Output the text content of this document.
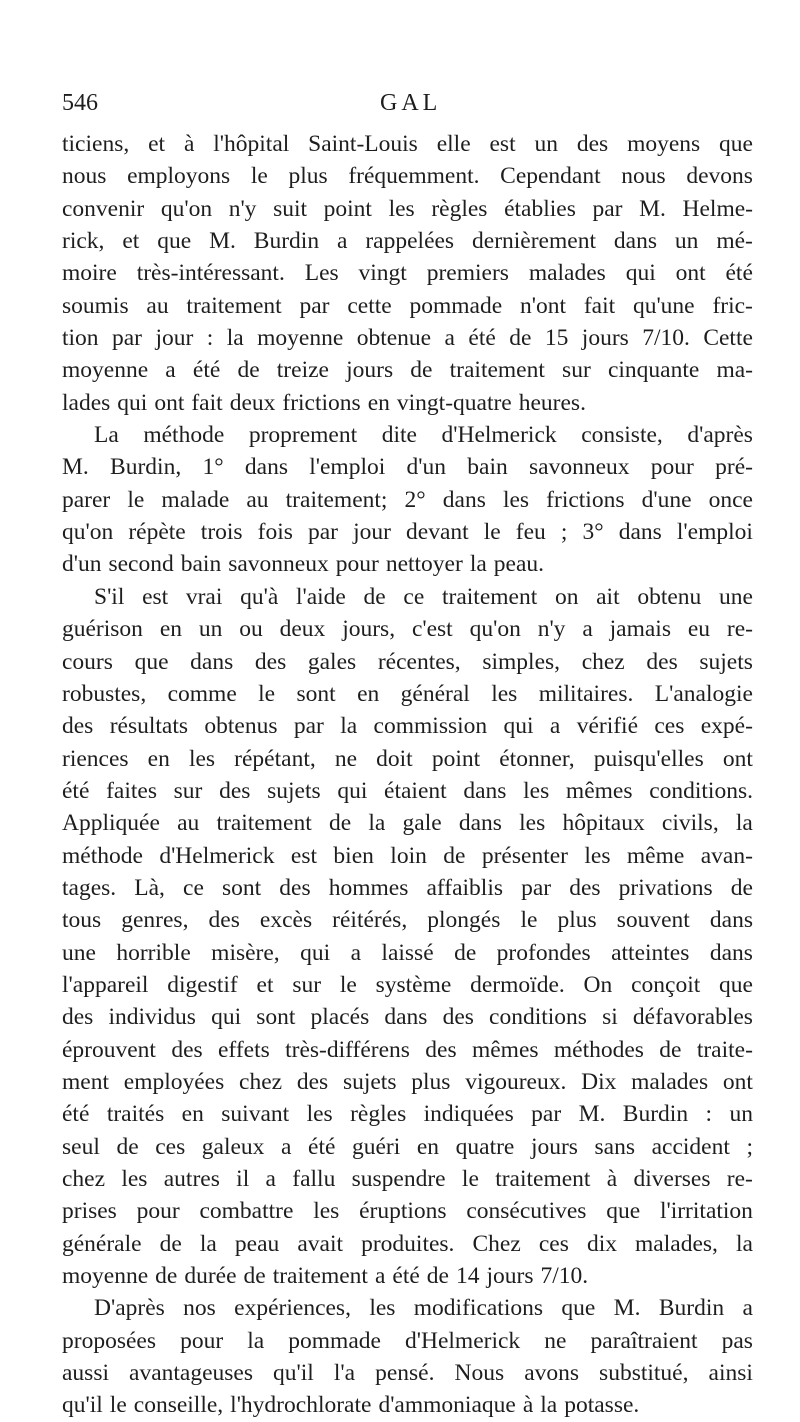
546	GAL
ticiens, et à l'hôpital Saint-Louis elle est un des moyens que
nous employons le plus fréquemment. Cependant nous devons
convenir qu'on n'y suit point les règles établies par M. Helme-
rick, et que M. Burdin a rappelées dernièrement dans un mé-
moire très-intéressant. Les vingt premiers malades qui ont été
soumis au traitement par cette pommade n'ont fait qu'une fric-
tion par jour : la moyenne obtenue a été de 15 jours 7/10. Cette
moyenne a été de treize jours de traitement sur cinquante ma-
lades qui ont fait deux frictions en vingt-quatre heures.
La méthode proprement dite d'Helmerick consiste, d'après
M. Burdin, 1° dans l'emploi d'un bain savonneux pour pré-
parer le malade au traitement; 2° dans les frictions d'une once
qu'on répète trois fois par jour devant le feu ; 3° dans l'emploi
d'un second bain savonneux pour nettoyer la peau.
S'il est vrai qu'à l'aide de ce traitement on ait obtenu une
guérison en un ou deux jours, c'est qu'on n'y a jamais eu re-
cours que dans des gales récentes, simples, chez des sujets
robustes, comme le sont en général les militaires. L'analogie
des résultats obtenus par la commission qui a vérifié ces expé-
riences en les répétant, ne doit point étonner, puisqu'elles ont
été faites sur des sujets qui étaient dans les mêmes conditions.
Appliquée au traitement de la gale dans les hôpitaux civils, la
méthode d'Helmerick est bien loin de présenter les même avan-
tages. Là, ce sont des hommes affaiblis par des privations de
tous genres, des excès réitérés, plongés le plus souvent dans
une horrible misère, qui a laissé de profondes atteintes dans
l'appareil digestif et sur le système dermoïde. On conçoit que
des individus qui sont placés dans des conditions si défavorables
éprouvent des effets très-différens des mêmes méthodes de traite-
ment employées chez des sujets plus vigoureux. Dix malades ont
été traités en suivant les règles indiquées par M. Burdin : un
seul de ces galeux a été guéri en quatre jours sans accident ;
chez les autres il a fallu suspendre le traitement à diverses re-
prises pour combattre les éruptions consécutives que l'irritation
générale de la peau avait produites. Chez ces dix malades, la
moyenne de durée de traitement a été de 14 jours 7/10.
D'après nos expériences, les modifications que M. Burdin a
proposées pour la pommade d'Helmerick ne paraîtraient pas
aussi avantageuses qu'il l'a pensé. Nous avons substitué, ainsi
qu'il le conseille, l'hydrochlorate d'ammoniaque à la potasse.
